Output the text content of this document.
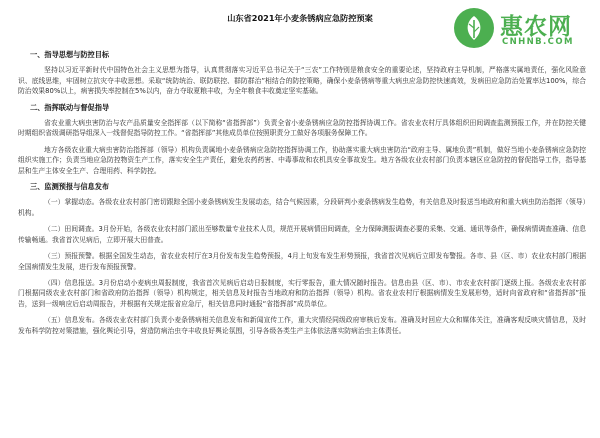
山东省2021年小麦条锈病应急防控预案	惠农网
CNHNB.COM
一、指导思想与防控目标

坚持以习近平新时代中国特色社会主义思想为指导，认真贯彻落实习近平总书记关于“三农”工作特别是粮食安全的重要论述，坚持政府主导机制，严格落实属地责任，强化风险意识、底线思维，牢固树立抗灾夺丰收思想。采取“统防统治、联防联控、群防群治”相结合的防控策略，确保小麦条锈病等重大病虫应急防控快速高效，发病田应急防治处置率达100%，综合防治效果80%以上，病害损失率控制在5%以内，奋力夺取夏粮丰收，为全年粮食丰收奠定坚实基础。

二、指挥联动与督促指导

省农业重大病虫害防治与农产品质量安全指挥部（以下简称“省指挥部”）负责全省小麦条锈病应急防控指挥协调工作。省农业农村厅具体组织田间调查监测预报工作，并在防控关键时期组织省级调研指导组深入一线督促指导防控工作。“省指挥部”其他成员单位按照职责分工做好各项服务保障工作。

地方各级农业重大病虫害防治指挥部（领导）机构负责属地小麦条锈病应急防控指挥协调工作，协助落实重大病虫害防治“政府主导、属地负责”机制，做好当地小麦条锈病应急防控组织实施工作；负责当地应急防控物资生产工作，落实安全生产责任，避免农药药害、中毒事故和农机具安全事故发生。地方各级农业农村部门负责本辖区应急防控的督促指导工作，指导基层和生产主体安全生产、合理用药、科学防控。

三、监测预报与信息发布

（一）掌握动态。各级农业农村部门密切跟踪全国小麦条锈病发生发展动态，结合气候因素，分段研判小麦条锈病发生趋势，有关信息及时报送当地政府和重大病虫防治指挥（领导）机构。

（二）田间调查。3月份开始，各级农业农村部门派出至够数量专业技术人员，规范开展病情田间调查，全力保障测报调查必要的采集、交通、通讯等条件，确保病情调查准确、信息传输畅通。我省首次见病后，立即开展大田普查。

（三）预报预警。根据全国发生动态，省农业农村厅在3月份发布发生趋势预报，4月上旬发布发生形势预报，我省首次见病后立即发布警报。各市、县（区、市）农业农村部门根据全国病情发生发展，进行发布预报预警。

（四）信息报送。3月份启动小麦病虫周报制度，我省首次见病后启动日报制度，实行零报告，重大情况随时报告。信息由县（区、市）、市农业农村部门逐级上报。各级农业农村部门根据同级农业农村部门和省政府防治指挥（领导）机构规定，相关信息及时报告当地政府和防治指挥（领导）机构。省农业农村厅根据病情发生发展形势，适时向省政府和“省指挥部”报告，送到一级响应后启动周报告，并根据有关规定报省应急厅，相关信息同时通报“省指挥部”成员单位。

（五）信息发布。各级农业农村部门负责小麦条锈病相关信息发布和新闻宣传工作，重大灾情经同级政府审核后发布。准确及时回应大众和媒体关注，准确客观反映灾情信息，及时发布科学防控对策措施，强化舆论引导，营造防病治虫夺丰收良好舆论氛围，引导各级各类生产主体依法落实防病治虫主体责任。
